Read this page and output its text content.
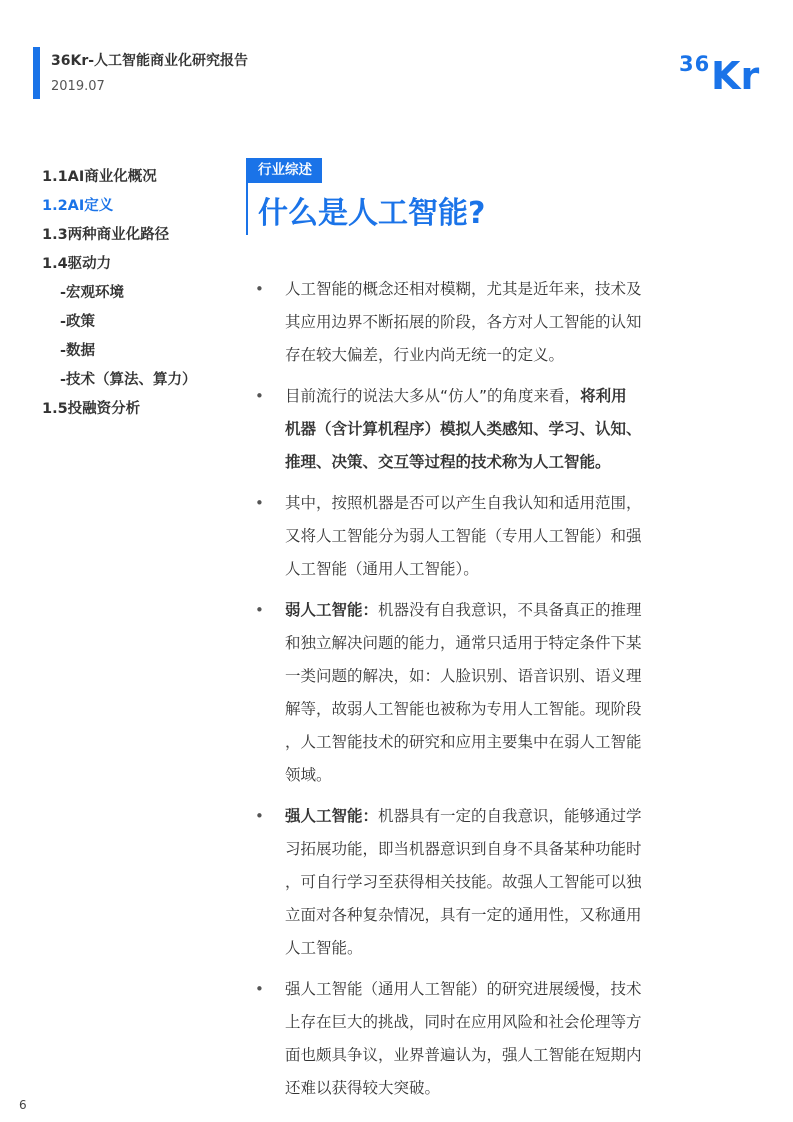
36Kr-人工智能商业化研究报告
2019.07
36 Kr
1.1AI商业化概况
1.2AI定义
1.3两种商业化路径
1.4驱动力
-宏观环境
-政策
-数据
-技术（算法、算力）
1.5投融资分析
行业综述
什么是人工智能?
• 人工智能的概念还相对模糊，尤其是近年来，技术及
其应用边界不断拓展的阶段，各方对人工智能的认知
存在较大偏差，行业内尚无统一的定义。
• 目前流行的说法大多从“仿人”的角度来看，将利用
机器（含计算机程序）模拟人类感知、学习、认知、
推理、决策、交互等过程的技术称为人工智能。
• 其中，按照机器是否可以产生自我认知和适用范围，
又将人工智能分为弱人工智能（专用人工智能）和强
人工智能（通用人工智能）。
• 弱人工智能：机器没有自我意识，不具备真正的推理
和独立解决问题的能力，通常只适用于特定条件下某
一类问题的解决，如：人脸识别、语音识别、语义理
解等，故弱人工智能也被称为专用人工智能。现阶段
，人工智能技术的研究和应用主要集中在弱人工智能
领域。
• 强人工智能：机器具有一定的自我意识，能够通过学
习拓展功能，即当机器意识到自身不具备某种功能时
，可自行学习至获得相关技能。故强人工智能可以独
立面对各种复杂情况，具有一定的通用性，又称通用
人工智能。
• 强人工智能（通用人工智能）的研究进展缓慢，技术
上存在巨大的挑战，同时在应用风险和社会伦理等方
面也颇具争议，业界普遍认为，强人工智能在短期内
还难以获得较大突破。
6
